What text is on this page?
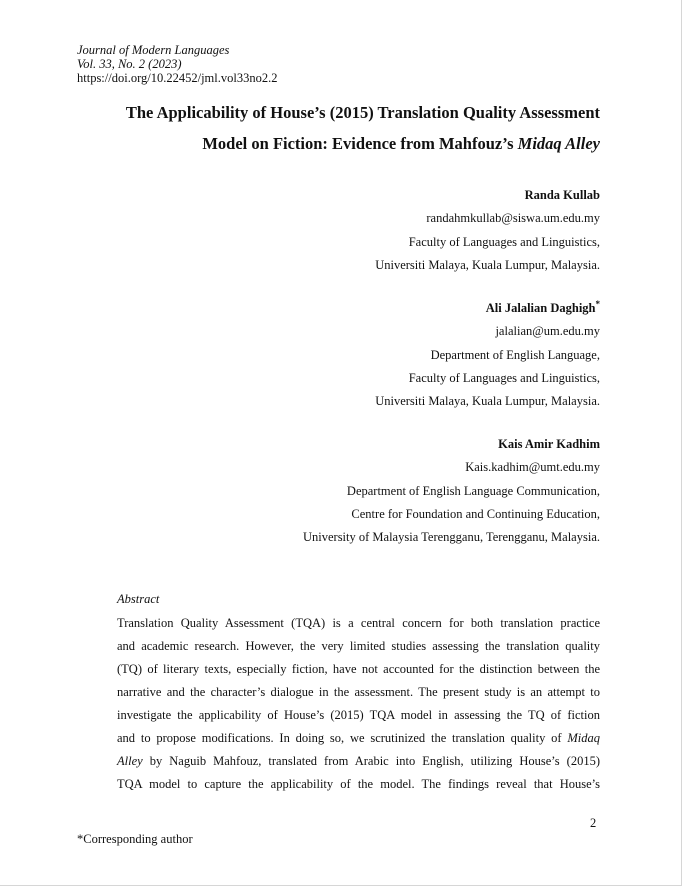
Journal of Modern Languages
Vol. 33, No. 2 (2023)
https://doi.org/10.22452/jml.vol33no2.2
The Applicability of House’s (2015) Translation Quality Assessment
Model on Fiction: Evidence from Mahfouz’s Midaq Alley
Randa Kullab
randahmkullab@siswa.um.edu.my
Faculty of Languages and Linguistics,
Universiti Malaya, Kuala Lumpur, Malaysia.
Ali Jalalian Daghigh*
jalalian@um.edu.my
Department of English Language,
Faculty of Languages and Linguistics,
Universiti Malaya, Kuala Lumpur, Malaysia.
Kais Amir Kadhim
Kais.kadhim@umt.edu.my
Department of English Language Communication,
Centre for Foundation and Continuing Education,
University of Malaysia Terengganu, Terengganu, Malaysia.
Abstract
Translation Quality Assessment (TQA) is a central concern for both translation practice
and academic research. However, the very limited studies assessing the translation quality
(TQ) of literary texts, especially fiction, have not accounted for the distinction between the
narrative and the character’s dialogue in the assessment. The present study is an attempt to
investigate the applicability of House’s (2015) TQA model in assessing the TQ of fiction
and to propose modifications. In doing so, we scrutinized the translation quality of Midaq
Alley by Naguib Mahfouz, translated from Arabic into English, utilizing House’s (2015)
TQA model to capture the applicability of the model. The findings reveal that House’s
2
*Corresponding author
